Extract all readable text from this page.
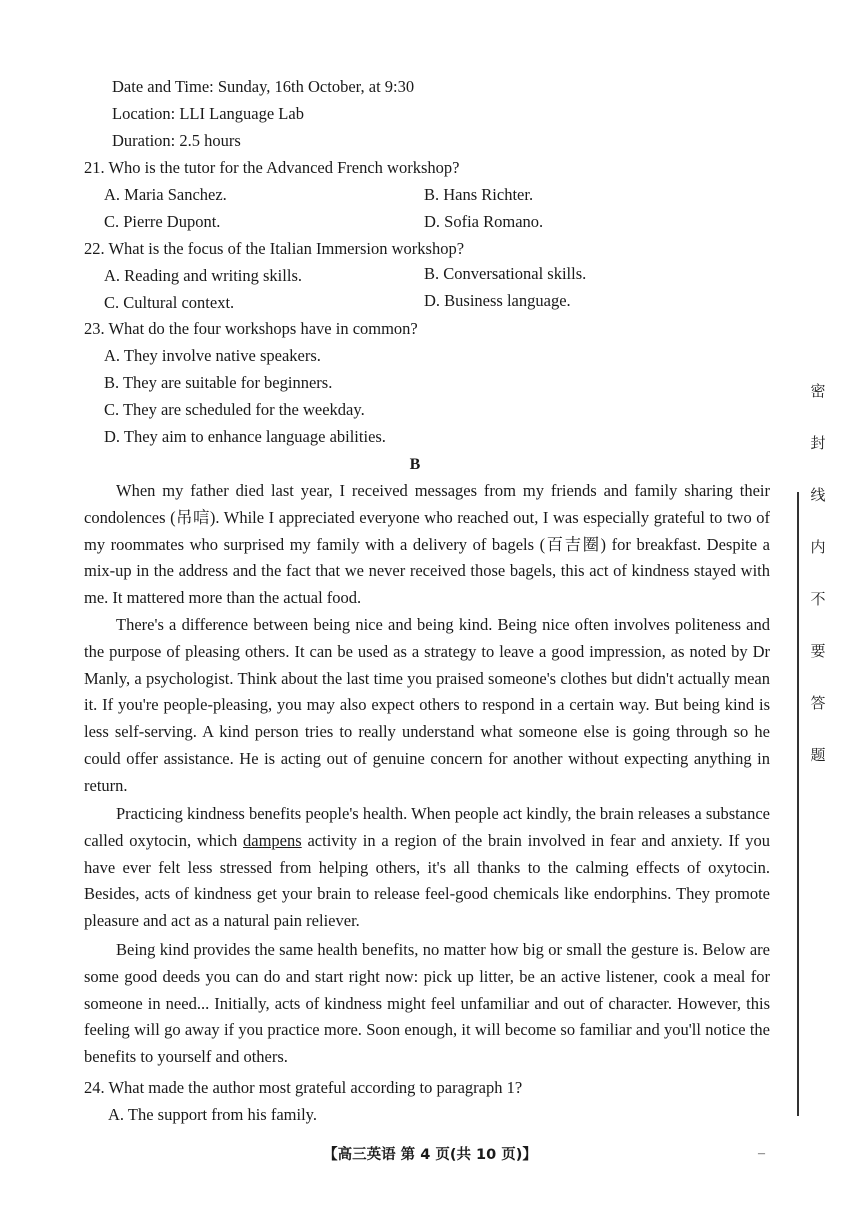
Date and Time: Sunday, 16th October, at 9:30
Location: LLI Language Lab
Duration: 2.5 hours
21. Who is the tutor for the Advanced French workshop?
A. Maria Sanchez.	B. Hans Richter.
C. Pierre Dupont.	D. Sofia Romano.
22. What is the focus of the Italian Immersion workshop?
A. Reading and writing skills.	B. Conversational skills.
C. Cultural context.	D. Business language.
23. What do the four workshops have in common?
A. They involve native speakers.
B. They are suitable for beginners.
C. They are scheduled for the weekday.
D. They aim to enhance language abilities.
B
When my father died last year, I received messages from my friends and family sharing their condolences (吊唁). While I appreciated everyone who reached out, I was especially grateful to two of my roommates who surprised my family with a delivery of bagels (百吉圈) for breakfast. Despite a mix-up in the address and the fact that we never received those bagels, this act of kindness stayed with me. It mattered more than the actual food.
There's a difference between being nice and being kind. Being nice often involves politeness and the purpose of pleasing others. It can be used as a strategy to leave a good impression, as noted by Dr Manly, a psychologist. Think about the last time you praised someone's clothes but didn't actually mean it. If you're people-pleasing, you may also expect others to respond in a certain way. But being kind is less self-serving. A kind person tries to really understand what someone else is going through so he could offer assistance. He is acting out of genuine concern for another without expecting anything in return.
Practicing kindness benefits people's health. When people act kindly, the brain releases a substance called oxytocin, which dampens activity in a region of the brain involved in fear and anxiety. If you have ever felt less stressed from helping others, it's all thanks to the calming effects of oxytocin. Besides, acts of kindness get your brain to release feel-good chemicals like endorphins. They promote pleasure and act as a natural pain reliever.
Being kind provides the same health benefits, no matter how big or small the gesture is. Below are some good deeds you can do and start right now: pick up litter, be an active listener, cook a meal for someone in need... Initially, acts of kindness might feel unfamiliar and out of character. However, this feeling will go away if you practice more. Soon enough, it will become so familiar and you'll notice the benefits to yourself and others.
24. What made the author most grateful according to paragraph 1?
A. The support from his family.
密
封
线
内
不
要
答
题
【高三英语 第 4 页(共 10 页)】	–
